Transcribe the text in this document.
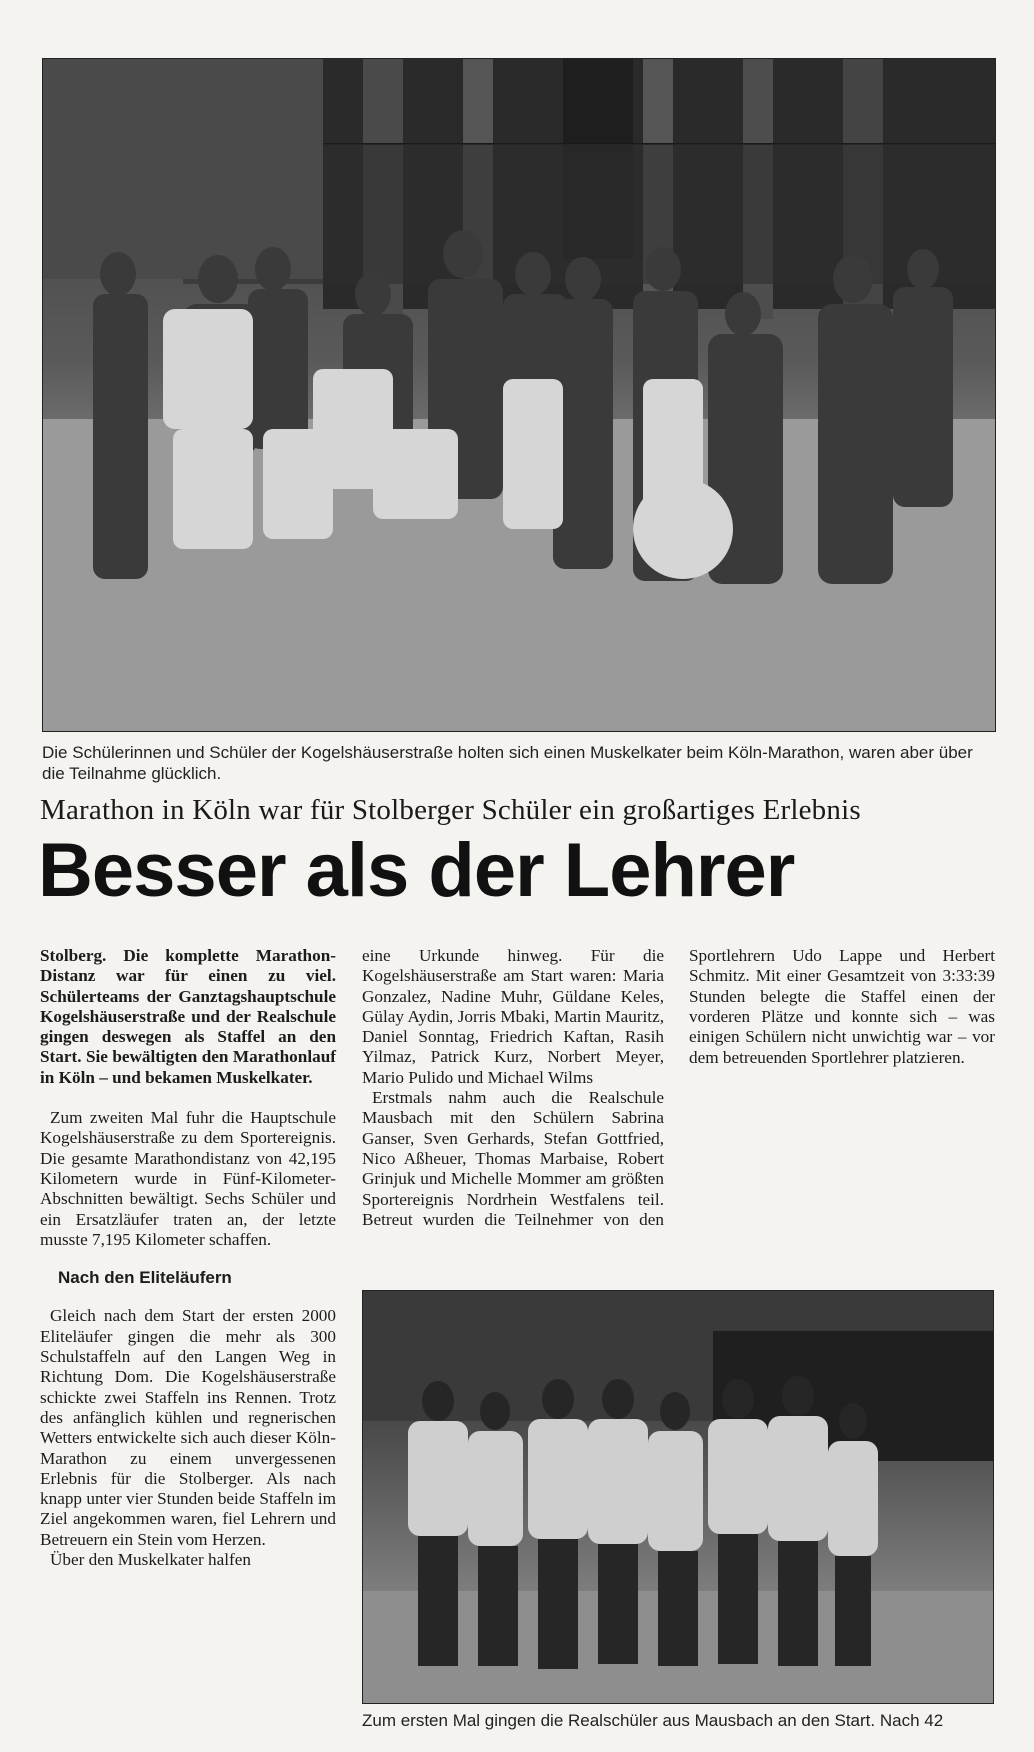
Die Schülerinnen und Schüler der Kogelshäuserstraße holten sich einen Muskelkater beim Köln-Marathon, waren aber über die Teilnahme glücklich.
Marathon in Köln war für Stolberger Schüler ein großartiges Erlebnis
Besser als der Lehrer

Stolberg. Die komplette Marathon-Distanz war für einen zu viel. Schülerteams der Ganztagshauptschule Kogelshäuserstraße und der Realschule gingen deswegen als Staffel an den Start. Sie bewältigten den Marathonlauf in Köln – und bekamen Muskelkater.

Zum zweiten Mal fuhr die Hauptschule Kogelshäuserstraße zu dem Sportereignis. Die gesamte Marathondistanz von 42,195 Kilometern wurde in Fünf-Kilometer-Abschnitten bewältigt. Sechs Schüler und ein Ersatzläufer traten an, der letzte musste 7,195 Kilometer schaffen.

Nach den Eliteläufern

Gleich nach dem Start der ersten 2000 Eliteläufer gingen die mehr als 300 Schulstaffeln auf den Langen Weg in Richtung Dom. Die Kogelshäuserstraße schickte zwei Staffeln ins Rennen. Trotz des anfänglich kühlen und regnerischen Wetters entwickelte sich auch dieser Köln-Marathon zu einem unvergessenen Erlebnis für die Stolberger. Als nach knapp unter vier Stunden beide Staffeln im Ziel angekommen waren, fiel Lehrern und Betreuern ein Stein vom Herzen.

Über den Muskelkater halfen

eine Urkunde hinweg. Für die Kogelshäuserstraße am Start waren: Maria Gonzalez, Nadine Muhr, Güldane Keles, Gülay Aydin, Jorris Mbaki, Martin Mauritz, Daniel Sonntag, Friedrich Kaftan, Rasih Yilmaz, Patrick Kurz, Norbert Meyer, Mario Pulido und Michael Wilms

Erstmals nahm auch die Realschule Mausbach mit den Schülern Sabrina Ganser, Sven Gerhards, Stefan Gottfried, Nico Aßheuer, Thomas Marbaise, Robert Grinjuk und Michelle Mommer am größten Sportereignis Nordrhein Westfalens teil. Betreut wurden die Teilnehmer von den

Sportlehrern Udo Lappe und Herbert Schmitz. Mit einer Gesamtzeit von 3:33:39 Stunden belegte die Staffel einen der vorderen Plätze und konnte sich – was einigen Schülern nicht unwichtig war – vor dem betreuenden Sportlehrer platzieren.

Zum ersten Mal gingen die Realschüler aus Mausbach an den Start. Nach 42
